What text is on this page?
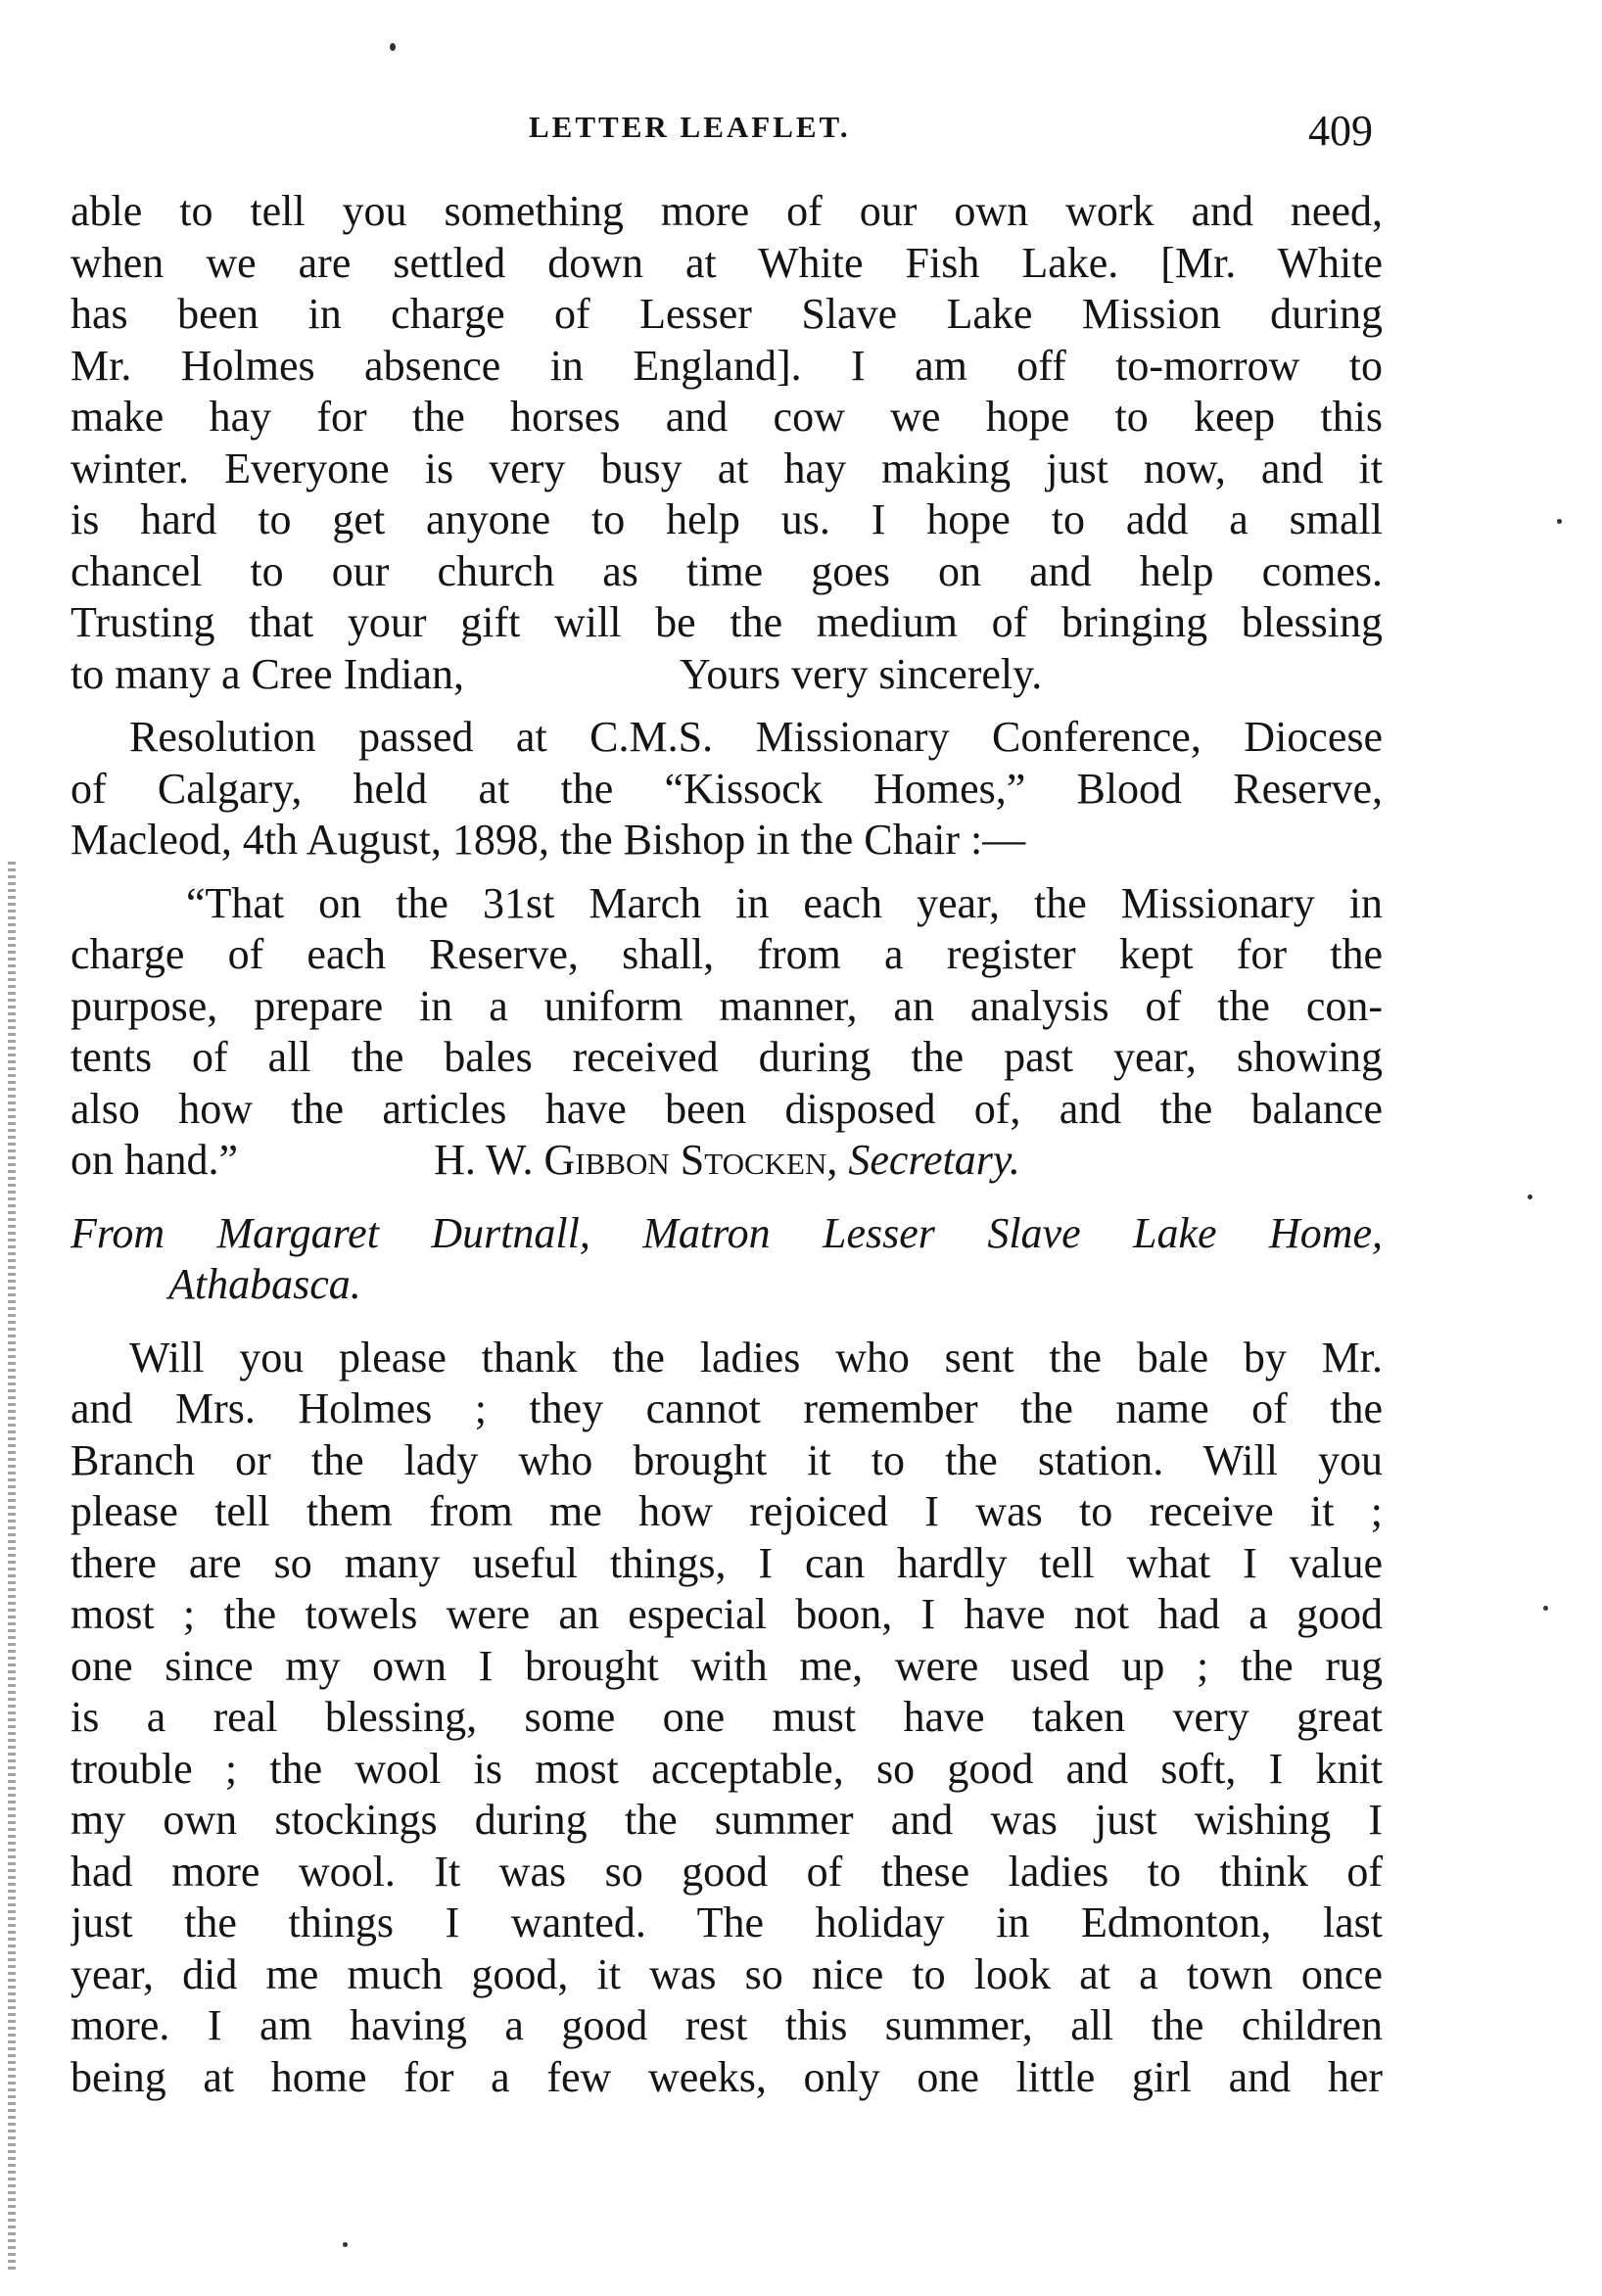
LETTER LEAFLET.	409
able to tell you something more of our own work and need,
when we are settled down at White Fish Lake. [Mr. White
has been in charge of Lesser Slave Lake Mission during
Mr. Holmes absence in England]. I am off to-morrow to
make hay for the horses and cow we hope to keep this
winter. Everyone is very busy at hay making just now, and it
is hard to get anyone to help us. I hope to add a small
chancel to our church as time goes on and help comes.
Trusting that your gift will be the medium of bringing blessing
to many a Cree Indian,	Yours very sincerely.
Resolution passed at C.M.S. Missionary Conference, Diocese
of Calgary, held at the “Kissock Homes,” Blood Reserve,
Macleod, 4th August, 1898, the Bishop in the Chair :—
“That on the 31st March in each year, the Missionary in
charge of each Reserve, shall, from a register kept for the
purpose, prepare in a uniform manner, an analysis of the con-
tents of all the bales received during the past year, showing
also how the articles have been disposed of, and the balance
on hand.”	H. W. Gibbon Stocken, Secretary.
From Margaret Durtnall, Matron Lesser Slave Lake Home,
Athabasca.
Will you please thank the ladies who sent the bale by Mr.
and Mrs. Holmes ; they cannot remember the name of the
Branch or the lady who brought it to the station. Will you
please tell them from me how rejoiced I was to receive it ;
there are so many useful things, I can hardly tell what I value
most ; the towels were an especial boon, I have not had a good
one since my own I brought with me, were used up ; the rug
is a real blessing, some one must have taken very great
trouble ; the wool is most acceptable, so good and soft, I knit
my own stockings during the summer and was just wishing I
had more wool. It was so good of these ladies to think of
just the things I wanted. The holiday in Edmonton, last
year, did me much good, it was so nice to look at a town once
more. I am having a good rest this summer, all the children
being at home for a few weeks, only one little girl and her
